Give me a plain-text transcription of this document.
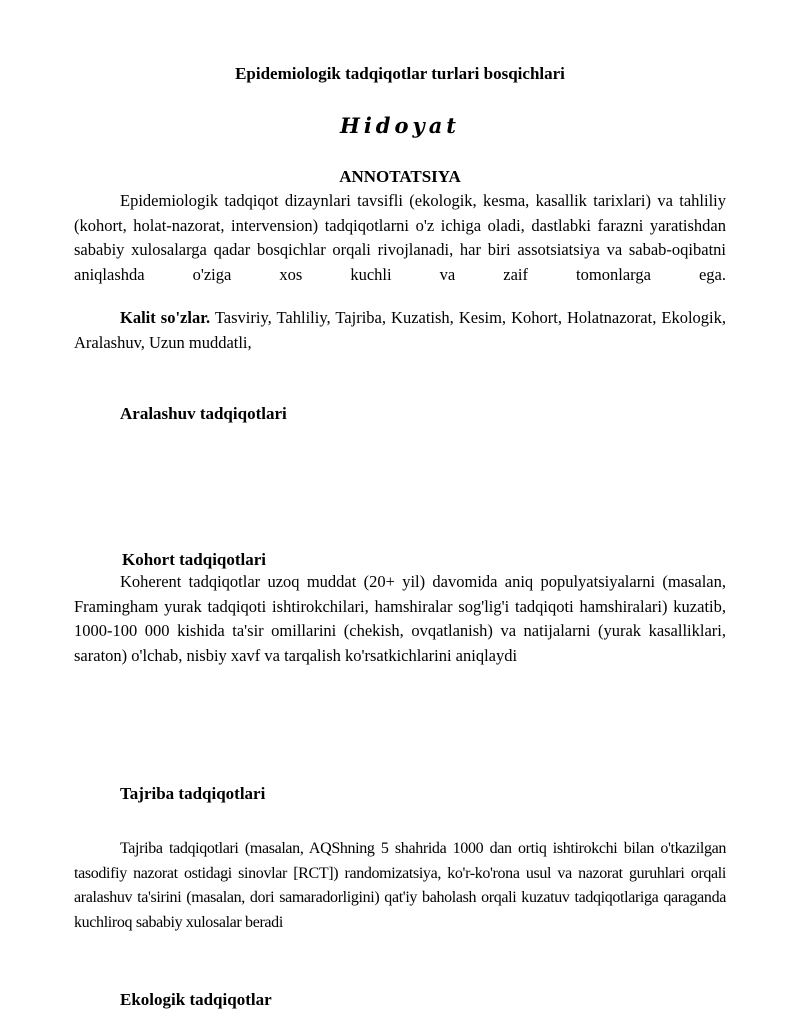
Epidemiologik tadqiqotlar turlari bosqichlari
Hidoyat
ANNOTATSIYA

Epidemiologik tadqiqot dizaynlari tavsifli (ekologik, kesma, kasallik tarixlari) va tahliliy (kohort, holat-nazorat, intervension) tadqiqotlarni o'z ichiga oladi, dastlabki farazni yaratishdan sababiy xulosalarga qadar bosqichlar orqali rivojlanadi, har biri assotsiatsiya va sabab-oqibatni aniqlashda o'ziga xos kuchli va zaif tomonlarga ega.

Kalit so'zlar. Tasviriy, Tahliliy, Tajriba, Kuzatish, Kesim, Kohort, Holatnazorat, Ekologik, Aralashuv, Uzun muddatli,

Aralashuv tadqiqotlari
Kohort tadqiqotlari

Koherent tadqiqotlar uzoq muddat (20+ yil) davomida aniq populyatsiyalarni (masalan, Framingham yurak tadqiqoti ishtirokchilari, hamshiralar sog'lig'i tadqiqoti hamshiralari) kuzatib, 1000-100 000 kishida ta'sir omillarini (chekish, ovqatlanish) va natijalarni (yurak kasalliklari, saraton) o'lchab, nisbiy xavf va tarqalish ko'rsatkichlarini aniqlaydi

Tajriba tadqiqotlari

Tajriba tadqiqotlari (masalan, AQShning 5 shahrida 1000 dan ortiq ishtirokchi bilan o'tkazilgan tasodifiy nazorat ostidagi sinovlar [RCT]) randomizatsiya, ko'r-ko'rona usul va nazorat guruhlari orqali aralashuv ta'sirini (masalan, dori samaradorligini) qat'iy baholash orqali kuzatuv tadqiqotlariga qaraganda kuchliroq sababiy xulosalar beradi

Ekologik tadqiqotlar
